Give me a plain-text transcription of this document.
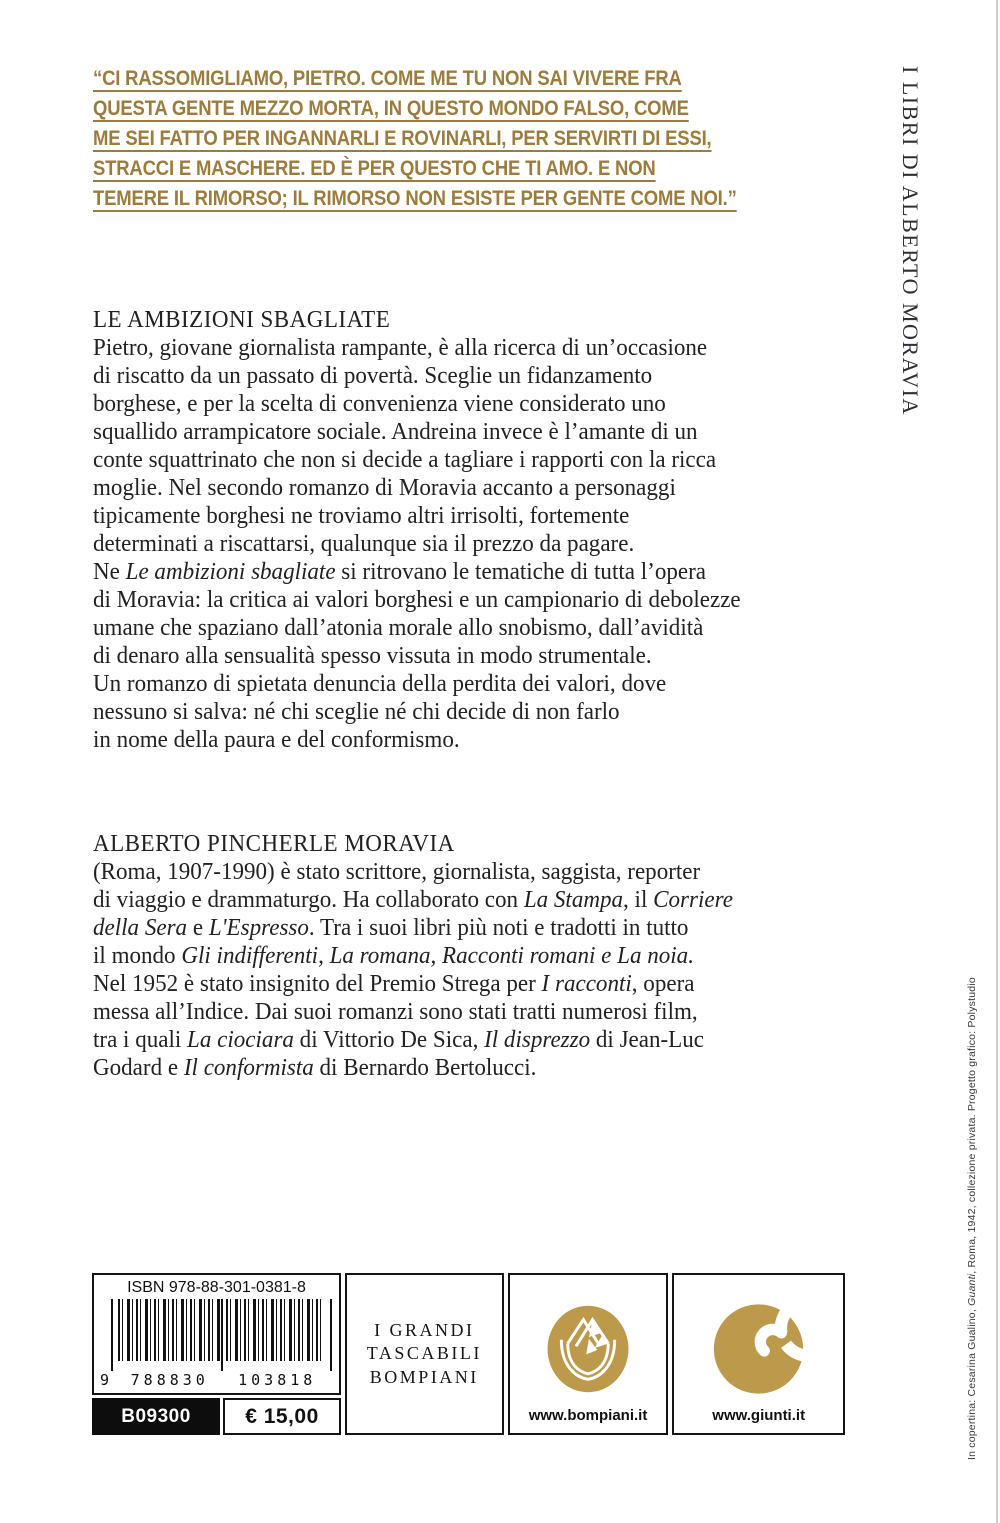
“CI RASSOMIGLIAMO, PIETRO. COME ME TU NON SAI VIVERE FRA
QUESTA GENTE MEZZO MORTA, IN QUESTO MONDO FALSO, COME
ME SEI FATTO PER INGANNARLI E ROVINARLI, PER SERVIRTI DI ESSI,
STRACCI E MASCHERE. ED È PER QUESTO CHE TI AMO. E NON
TEMERE IL RIMORSO; IL RIMORSO NON ESISTE PER GENTE COME NOI.”	I LIBRI DI ALBERTO MORAVIA
LE AMBIZIONI SBAGLIATE
Pietro, giovane giornalista rampante, è alla ricerca di un’occasione
di riscatto da un passato di povertà. Sceglie un fidanzamento
borghese, e per la scelta di convenienza viene considerato uno
squallido arrampicatore sociale. Andreina invece è l’amante di un
conte squattrinato che non si decide a tagliare i rapporti con la ricca
moglie. Nel secondo romanzo di Moravia accanto a personaggi
tipicamente borghesi ne troviamo altri irrisolti, fortemente
determinati a riscattarsi, qualunque sia il prezzo da pagare.
Ne Le ambizioni sbagliate si ritrovano le tematiche di tutta l’opera
di Moravia: la critica ai valori borghesi e un campionario di debolezze
umane che spaziano dall’atonia morale allo snobismo, dall’avidità
di denaro alla sensualità spesso vissuta in modo strumentale.
Un romanzo di spietata denuncia della perdita dei valori, dove
nessuno si salva: né chi sceglie né chi decide di non farlo
in nome della paura e del conformismo.
ALBERTO PINCHERLE MORAVIA
(Roma, 1907-1990) è stato scrittore, giornalista, saggista, reporter
di viaggio e drammaturgo. Ha collaborato con La Stampa, il Corriere
della Sera e L'Espresso. Tra i suoi libri più noti e tradotti in tutto
il mondo Gli indifferenti, La romana, Racconti romani e La noia.
Nel 1952 è stato insignito del Premio Strega per I racconti, opera
messa all’Indice. Dai suoi romanzi sono stati tratti numerosi film,
tra i quali La ciociara di Vittorio De Sica, Il disprezzo di Jean-Luc
Godard e Il conformista di Bernardo Bertolucci.
In copertina: Cesarina Gualino, Guanti, Roma, 1942, collezione privata. Progetto grafico: Polystudio
ISBN 978-88-301-0381-8
9	788830	103818
B09300	€ 15,00
I GRANDI
TASCABILI
BOMPIANI
www.bompiani.it	www.giunti.it
